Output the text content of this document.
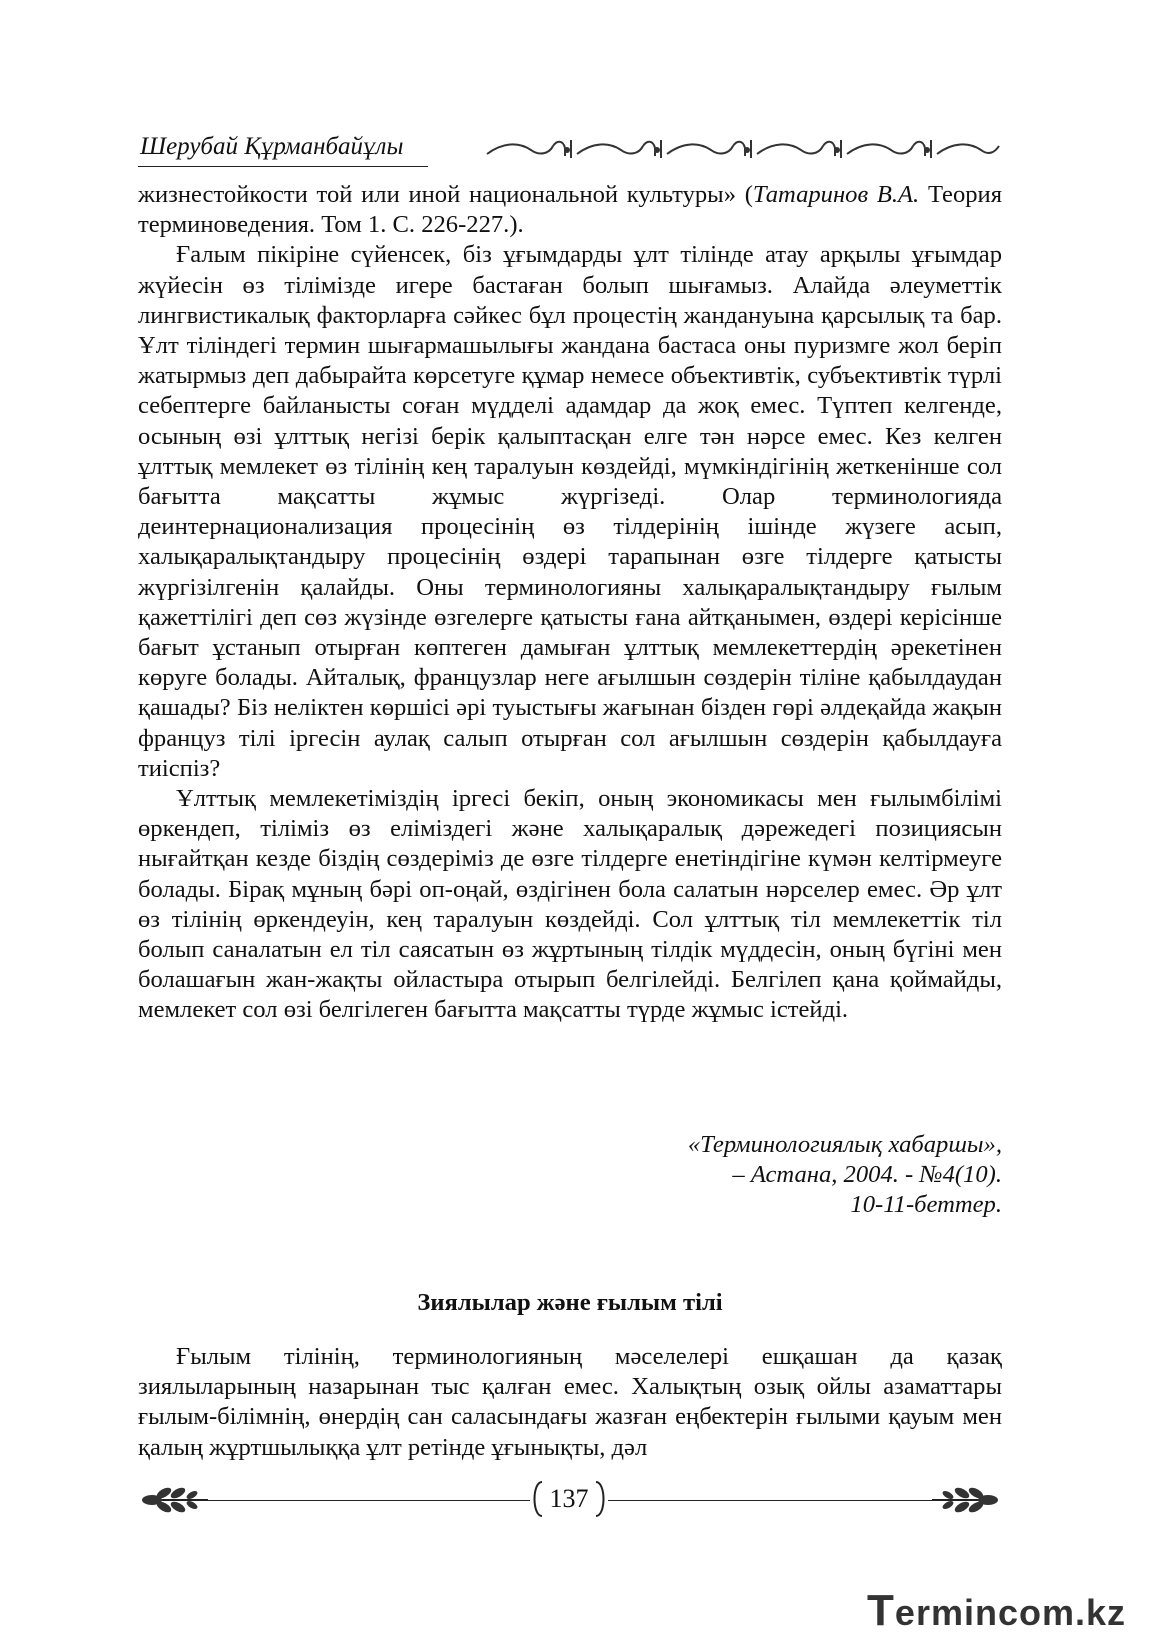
Шерубай Құрманбайұлы

жизнестойкости той или иной национальной культуры» (Татаринов В.А. Теория терминоведения. Том 1. С. 226-227.).

Ғалым пікіріне сүйенсек, біз ұғымдарды ұлт тілінде атау арқылы ұғымдар жүйесін өз тілімізде игере бастаған болып шығамыз. Алайда әлеуметтік лингвистикалық факторларға сәйкес бұл процестің жандануына қарсылық та бар. Ұлт тіліндегі термин шығармашылығы жандана бастаса оны пуризмге жол беріп жатырмыз деп дабырайта көрсетуге құмар немесе объективтік, субъективтік түрлі себептерге байланысты соған мүдделі адамдар да жоқ емес. Түптеп келгенде, осының өзі ұлттық негізі берік қалыптасқан елге тән нәрсе емес. Кез келген ұлттық мемлекет өз тілінің кең таралуын көздейді, мүмкіндігінің жеткенінше сол бағытта мақсатты жұмыс жүргізеді. Олар терминологияда деинтернационализация процесінің өз тілдерінің ішінде жүзеге асып, халықаралықтандыру процесінің өздері тарапынан өзге тілдерге қатысты жүргізілгенін қалайды. Оны терминологияны халықаралықтандыру ғылым қажеттілігі деп сөз жүзінде өзгелерге қатысты ғана айтқанымен, өздері керісінше бағыт ұстанып отырған көптеген дамыған ұлттық мемлекеттердің әрекетінен көруге болады. Айталық, французлар неге ағылшын сөздерін тіліне қабылдаудан қашады? Біз неліктен көршісі әрі туыстығы жағынан бізден гөрі әлдеқайда жақын француз тілі іргесін аулақ салып отырған сол ағылшын сөздерін қабылдауға тиіспіз?

Ұлттық мемлекетіміздің іргесі бекіп, оның экономикасы мен ғылымбілімі өркендеп, тіліміз өз еліміздегі және халықаралық дәрежедегі позициясын нығайтқан кезде біздің сөздеріміз де өзге тілдерге енетіндігіне күмән келтірмеуге болады. Бірақ мұның бәрі оп-оңай, өздігінен бола салатын нәрселер емес. Әр ұлт өз тілінің өркендеуін, кең таралуын көздейді. Сол ұлттық тіл мемлекеттік тіл болып саналатын ел тіл саясатын өз жұртының тілдік мүддесін, оның бүгіні мен болашағын жан-жақты ойластыра отырып белгілейді. Белгілеп қана қоймайды, мемлекет сол өзі белгілеген бағытта мақсатты түрде жұмыс істейді.

«Терминологиялық хабаршы»,
– Астана, 2004. - №4(10).
10-11-беттер.
Зиялылар және ғылым тілі

Ғылым тілінің, терминологияның мәселелері ешқашан да қазақ зиялыларының назарынан тыс қалған емес. Халықтың озық ойлы азаматтары ғылым-білімнің, өнердің сан саласындағы жазған еңбектерін ғылыми қауым мен қалың жұртшылыққа ұлт ретінде ұғынықты, дәл

137
Termincom.kz
